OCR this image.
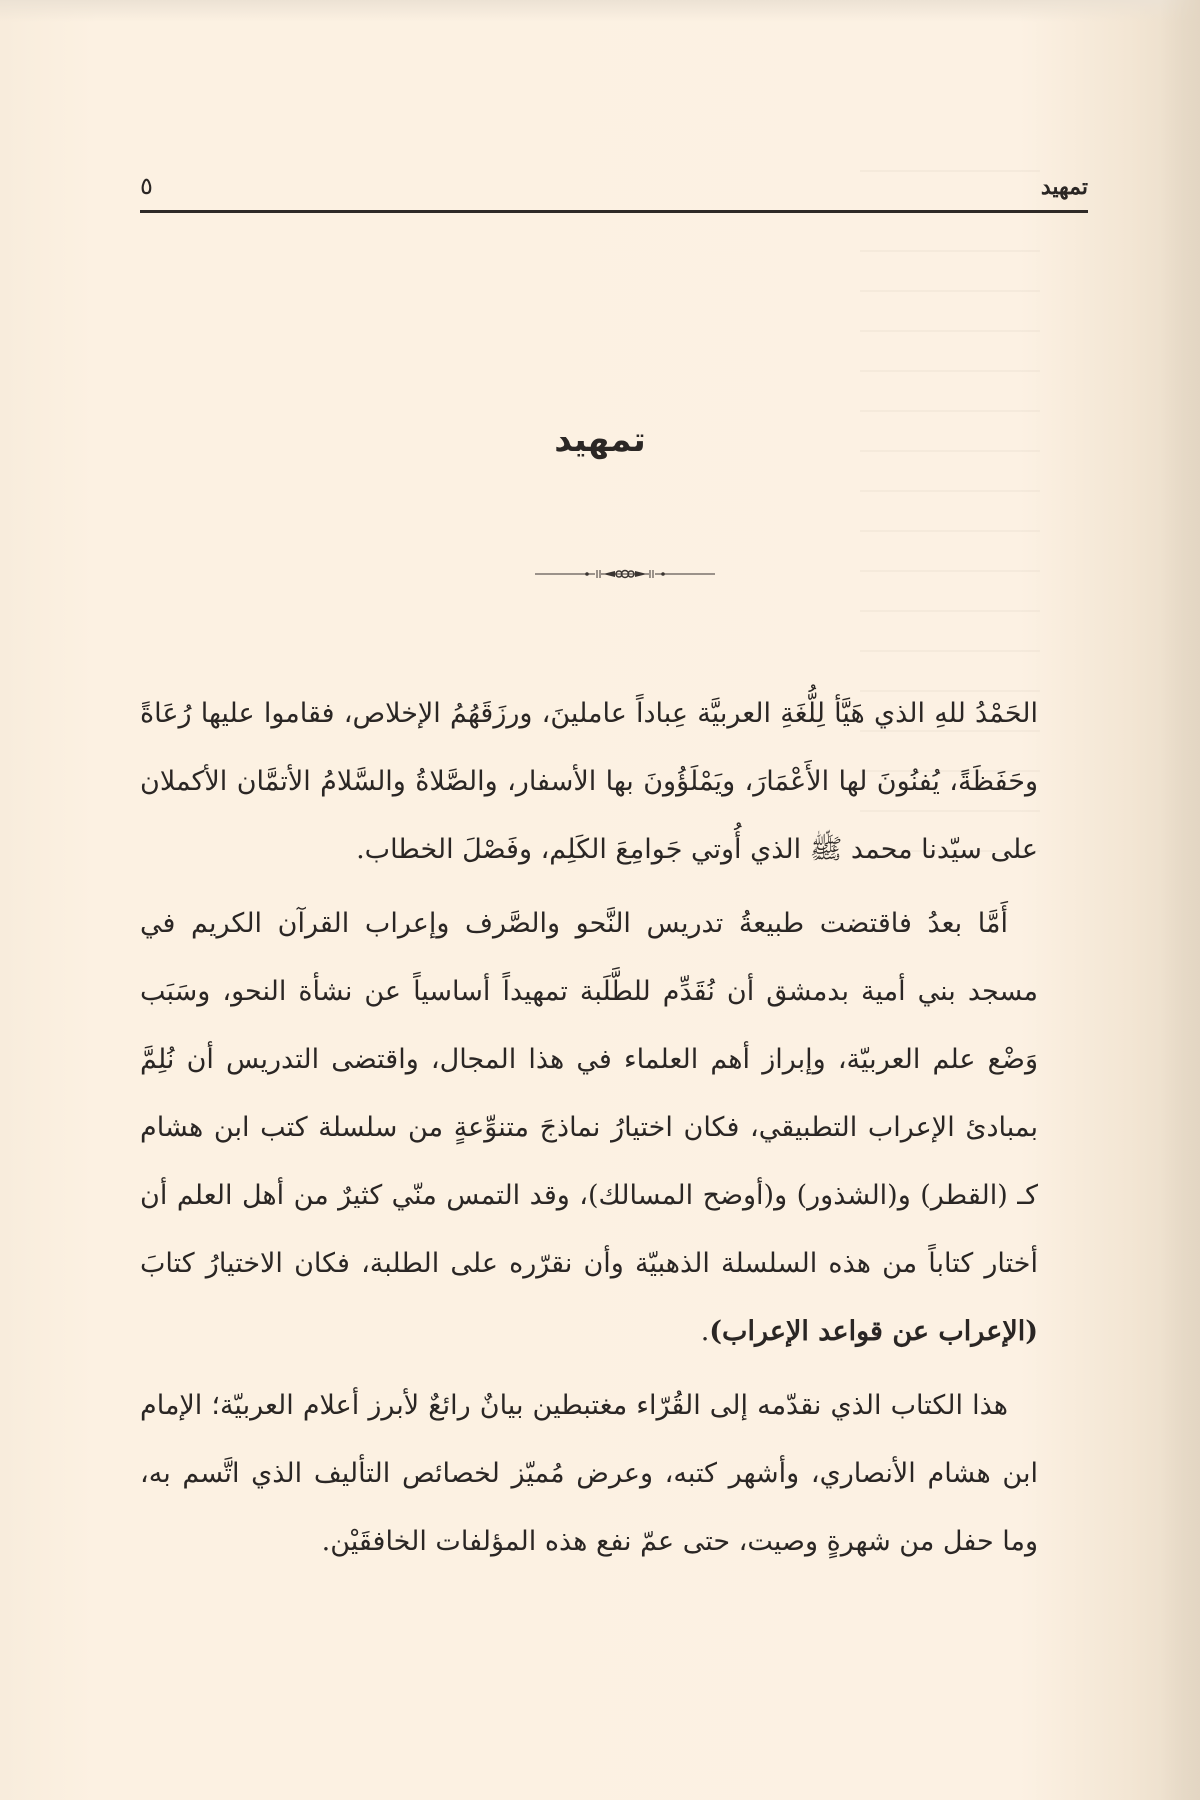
تمهيد
٥
تمهيد

الحَمْدُ للهِ الذي هَيَّأ لِلُّغَةِ العربيَّة عِباداً عاملينَ، ورزَقَهُمُ الإخلاص، فقاموا عليها رُعَاةً وحَفَظَةً، يُفنُونَ لها الأَعْمَارَ، ويَمْلَؤُونَ بها الأسفار، والصَّلاةُ والسَّلامُ الأتمَّان الأكملان على سيّدنا محمد ﷺ الذي أُوتي جَوامِعَ الكَلِم، وفَصْلَ الخطاب.

أَمَّا بعدُ فاقتضت طبيعةُ تدريس النَّحو والصَّرف وإعراب القرآن الكريم في مسجد بني أمية بدمشق أن نُقَدِّم للطَّلَبة تمهيداً أساسياً عن نشأة النحو، وسَبَب وَضْع علم العربيّة، وإبراز أهم العلماء في هذا المجال، واقتضى التدريس أن نُلِمَّ بمبادئ الإعراب التطبيقي، فكان اختيارُ نماذجَ متنوِّعةٍ من سلسلة كتب ابن هشام كـ (القطر) و(الشذور) و(أوضح المسالك)، وقد التمس منّي كثيرٌ من أهل العلم أن أختار كتاباً من هذه السلسلة الذهبيّة وأن نقرّره على الطلبة، فكان الاختيارُ كتابَ (الإعراب عن قواعد الإعراب).

هذا الكتاب الذي نقدّمه إلى القُرّاء مغتبطين بيانٌ رائعٌ لأبرز أعلام العربيّة؛ الإمام ابن هشام الأنصاري، وأشهر كتبه، وعرض مُميّز لخصائص التأليف الذي اتَّسم به، وما حفل من شهرةٍ وصيت، حتى عمّ نفع هذه المؤلفات الخافقَيْن.
